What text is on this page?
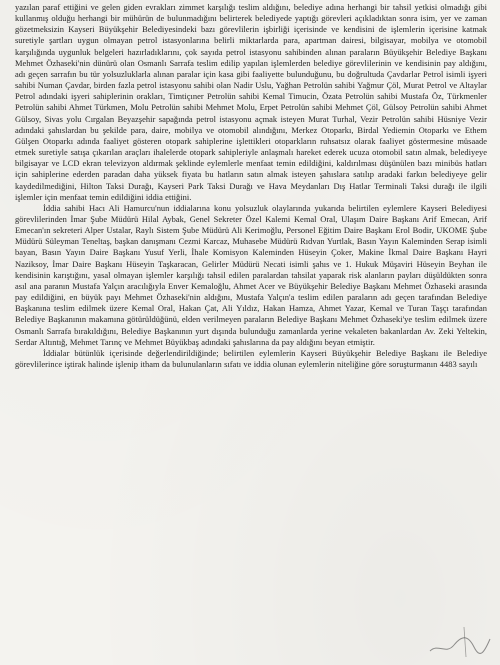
yazılan paraf ettiğini ve gelen giden evrakları zimmet karşılığı teslim aldığını, belediye adına herhangi bir tahsil yetkisi olmadığı gibi kullanmış olduğu herhangi bir mühürün de bulunmadığını belirterek belediyede yaptığı görevleri açıkladıktan sonra isim, yer ve zaman gözetmeksizin Kayseri Büyükşehir Belediyesindeki bazı görevlilerin işbirliği içerisinde ve kendisini de işlemlerin içerisine katmak suretiyle şartları uygun olmayan petrol istasyonlarına belirli miktarlarda para, apartman dairesi, bilgisayar, mobilya ve otomobil karşılığında uygunluk belgeleri hazırladıklarını, çok sayıda petrol istasyonu sahibinden alınan paraların Büyükşehir Belediye Başkanı Mehmet Özhaseki'nin dünürü olan Osmanlı Sarrafa teslim edilip yapılan işlemlerden belediye görevlilerinin ve kendisinin pay aldığını, adı geçen sarrafın bu tür yolsuzluklarla alınan paralar için kasa gibi faaliyette bulunduğunu, bu doğrultuda Çavdarlar Petrol isimli işyeri sahibi Numan Çavdar, birden fazla petrol istasyonu sahibi olan Nadir Uslu, Yağhan Petrolün sahibi Yağmur Çöl, Murat Petrol ve Altaylar Petrol adındaki işyeri sahiplerinin orakları, Timtiçıner Petrolün sahibi Kemal Timucin, Özata Petrolün sahibi Mustafa Öz, Türkmenler Petrolün sahibi Ahmet Türkmen, Molu Petrolün sahibi Mehmet Molu, Erpet Petrolün sahibi Mehmet Çöl, Gülsoy Petrolün sahibi Ahmet Gülsoy, Sivas yolu Cırgalan Beyazşehir sapağında petrol istasyonu açmak isteyen Murat Turhal, Vezir Petrolün sahibi Hüsniye Vezir adındaki şahıslardan bu şekilde para, daire, mobilya ve otomobil alındığını, Merkez Otoparkı, Birdal Yediemin Otoparkı ve Ethem Gülşen Otoparkı adında faaliyet gösteren otopark sahiplerine işlettikleri otoparkların ruhsatsız olarak faaliyet göstermesine müsaade etmek suretiyle satışa çıkarılan araçları ihalelerde otopark sahipleriyle anlaşmalı hareket ederek ucuza otomobil satın almak, belediyeye bilgisayar ve LCD ekran televizyon aldırmak şeklinde eylemlerle menfaat temin edildiğini, kaldırılması düşünülen bazı minibüs hatları için sahiplerine ederden paradan daha yüksek fiyata bu hatların satın almak isteyen şahıslara satılıp aradaki farkın belediyeye gelir kaydedilmediğini, Hilton Taksi Durağı, Kayseri Park Taksi Durağı ve Hava Meydanları Dış Hatlar Terminali Taksi durağı ile ilgili işlemler için menfaat temin edildiğini iddia ettiğini.

İddia sahibi Hacı Ali Hamurcu'nun iddialarına konu yolsuzluk olaylarında yukarıda belirtilen eylemlere Kayseri Belediyesi görevlilerinden İmar Şube Müdürü Hilal Aybak, Genel Sekreter Özel Kalemi Kemal Oral, Ulaşım Daire Başkanı Arif Emecan, Arif Emecan'ın sekreteri Alper Ustalar, Raylı Sistem Şube Müdürü Ali Kerimoğlu, Personel Eğitim Daire Başkanı Erol Bodir, UKOME Şube Müdürü Süleyman Teneltaş, başkan danışmanı Cezmi Karcaz, Muhasebe Müdürü Rıdvan Yurtlak, Basın Yayın Kaleminden Serap isimli bayan, Basın Yayın Daire Başkanı Yusuf Yerli, İhale Komisyon Kaleminden Hüseyin Çoker, Makine İkmal Daire Başkanı Hayri Naziksoy, İmar Daire Başkanı Hüseyin Taşkaracan, Gelirler Müdürü Necati isimli şahıs ve 1. Hukuk Müşaviri Hüseyin Beyhan ile kendisinin karıştığını, yasal olmayan işlemler karşılığı tahsil edilen paralardan tahsilat yaparak risk alanların payları düşüldükten sonra asıl ana paranın Mustafa Yalçın aracılığıyla Enver Kemaloğlu, Ahmet Acer ve Büyükşehir Belediye Başkanı Mehmet Özhaseki arasında pay edildiğini, en büyük payı Mehmet Özhaseki'nin aldığını, Mustafa Yalçın'a teslim edilen paraların adı geçen tarafından Belediye Başkanına teslim edilmek üzere Kemal Oral, Hakan Çat, Ali Yıldız, Hakan Hamza, Ahmet Yazar, Kemal ve Turan Taşçı tarafından Belediye Başkanının makamına götürüldüğünü, elden verilmeyen paraların Belediye Başkanı Mehmet Özhaseki'ye teslim edilmek üzere Osmanlı Sarrafa bırakıldığını, Belediye Başkanının yurt dışında bulunduğu zamanlarda yerine vekaleten bakanlardan Av. Zeki Yeltekin, Serdar Altıntığ, Mehmet Tarınç ve Mehmet Büyükbaş adındaki şahıslarına da pay aldığını beyan etmiştir.

İddialar bütünlük içerisinde değerlendirildiğinde; belirtilen eylemlerin Kayseri Büyükşehir Belediye Başkanı ile Belediye görevlilerince iştirak halinde işlenip itham da bulunulanların sıfatı ve iddia olunan eylemlerin niteliğine göre soruşturmanın 4483 sayılı
